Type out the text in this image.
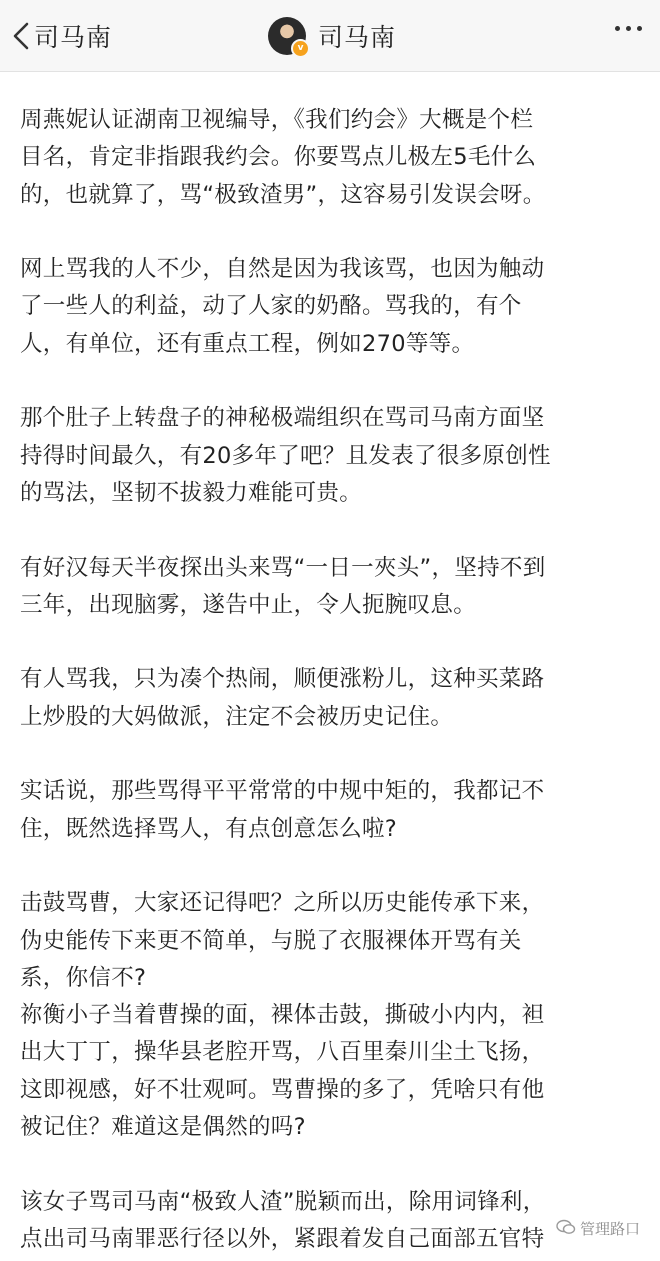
司马南	v 司马南
周燕妮认证湖南卫视编导，《我们约会》大概是个栏
目名，肯定非指跟我约会。你要骂点儿极左5毛什么
的，也就算了，骂“极致渣男”，这容易引发误会呀。
网上骂我的人不少，自然是因为我该骂，也因为触动
了一些人的利益，动了人家的奶酪。骂我的，有个
人，有单位，还有重点工程，例如270等等。
那个肚子上转盘子的神秘极端组织在骂司马南方面坚
持得时间最久，有20多年了吧？且发表了很多原创性
的骂法，坚韧不拔毅力难能可贵。
有好汉每天半夜探出头来骂“一日一夾头”，坚持不到
三年，出现脑雾，遂告中止，令人扼腕叹息。
有人骂我，只为凑个热闹，顺便涨粉儿，这种买菜路
上炒股的大妈做派，注定不会被历史记住。
实话说，那些骂得平平常常的中规中矩的，我都记不
住，既然选择骂人，有点创意怎么啦?
击鼓骂曹，大家还记得吧？之所以历史能传承下来，
伪史能传下来更不简单，与脱了衣服裸体开骂有关
系，你信不?
祢衡小子当着曹操的面，裸体击鼓，撕破小内内，袒
出大丁丁，操华县老腔开骂，八百里秦川尘土飞扬，
这即视感，好不壮观呵。骂曹操的多了，凭啥只有他
被记住？难道这是偶然的吗?
该女子骂司马南“极致人渣”脱颖而出，除用词锋利，
点出司马南罪恶行径以外，紧跟着发自己面部五官特	管理路口
